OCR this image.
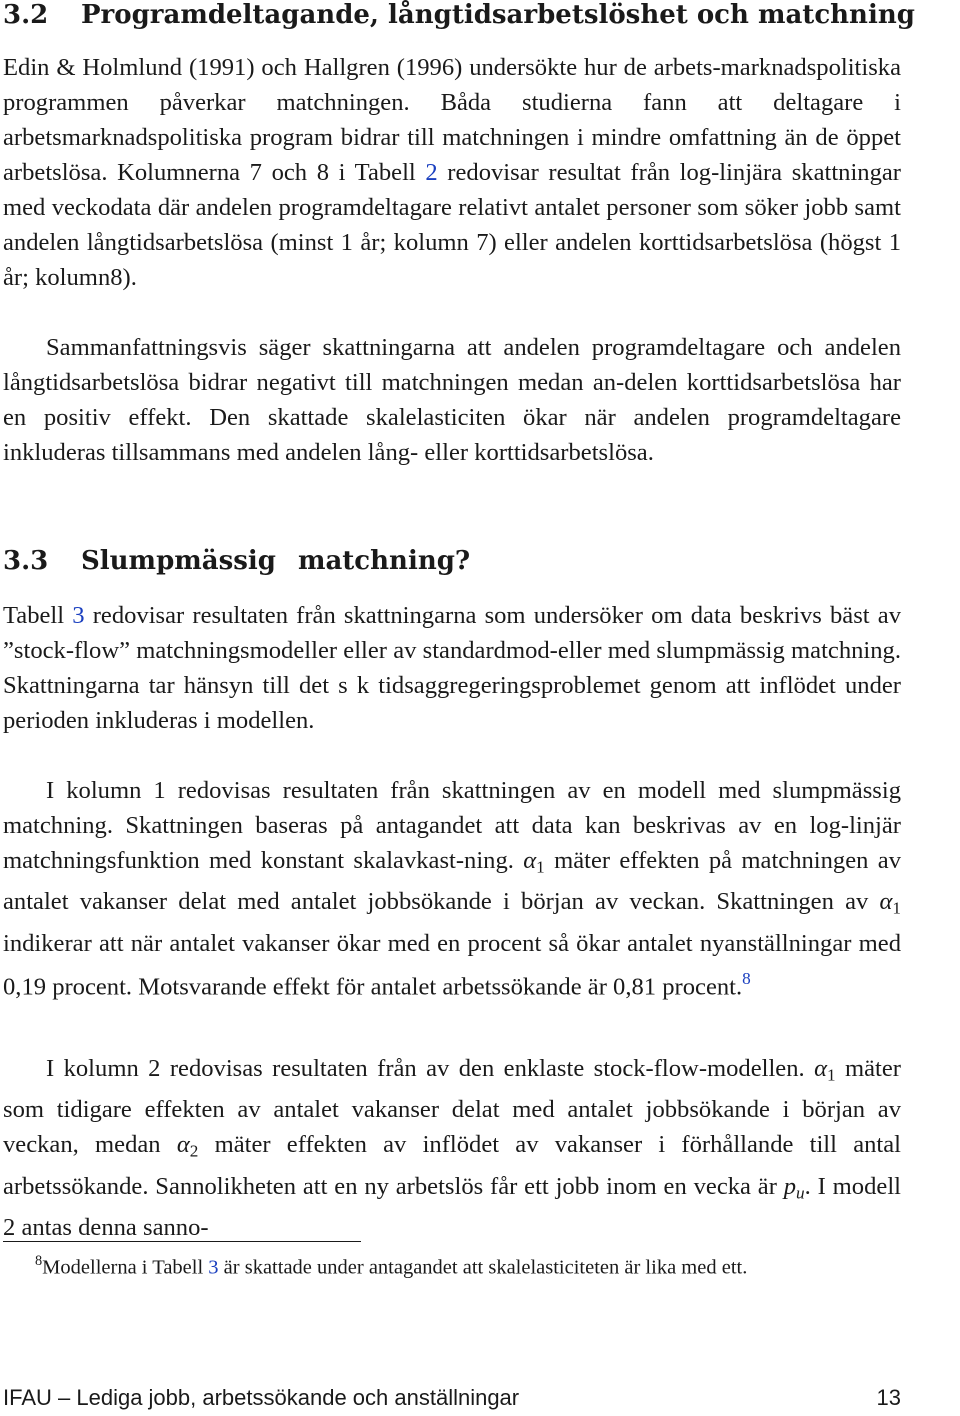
3.2 Programdeltagande, långtidsarbetslöshet och matchning

Edin & Holmlund (1991) och Hallgren (1996) undersökte hur de arbets-marknadspolitiska programmen påverkar matchningen. Båda studierna fann att deltagare i arbetsmarknadspolitiska program bidrar till matchningen i mindre omfattning än de öppet arbetslösa. Kolumnerna 7 och 8 i Tabell 2 redovisar resultat från log-linjära skattningar med veckodata där andelen programdeltagare relativt antalet personer som söker jobb samt andelen långtidsarbetslösa (minst 1 år; kolumn 7) eller andelen korttidsarbetslösa (högst 1 år; kolumn8).

Sammanfattningsvis säger skattningarna att andelen programdeltagare och andelen långtidsarbetslösa bidrar negativt till matchningen medan an-delen korttidsarbetslösa har en positiv effekt. Den skattade skalelasticiten ökar när andelen programdeltagare inkluderas tillsammans med andelen lång- eller korttidsarbetslösa.

3.3 Slumpmässig matchning?

Tabell 3 redovisar resultaten från skattningarna som undersöker om data beskrivs bäst av ”stock-flow” matchningsmodeller eller av standardmod-eller med slumpmässig matchning. Skattningarna tar hänsyn till det s k tidsaggregeringsproblemet genom att inflödet under perioden inkluderas i modellen.

I kolumn 1 redovisas resultaten från skattningen av en modell med slumpmässig matchning. Skattningen baseras på antagandet att data kan beskrivas av en log-linjär matchningsfunktion med konstant skalavkast-ning. $\alpha_1$ mäter effekten på matchningen av antalet vakanser delat med antalet jobbsökande i början av veckan. Skattningen av $\alpha_1$ indikerar att när antalet vakanser ökar med en procent så ökar antalet nyanställningar med 0,19 procent. Motsvarande effekt för antalet arbetssökande är 0,81 procent.$^8$

I kolumn 2 redovisas resultaten från av den enklaste stock-flow-modellen. $\alpha_1$ mäter som tidigare effekten av antalet vakanser delat med antalet jobbsökande i början av veckan, medan $\alpha_2$ mäter effekten av inflödet av vakanser i förhållande till antal arbetssökande. Sannolikheten att en ny arbetslös får ett jobb inom en vecka är $p_u$. I modell 2 antas denna sanno-

$^8$Modellerna i Tabell 3 är skattade under antagandet att skalelasticiteten är lika med ett.

IFAU – Lediga jobb, arbetssökande och anställningar	13
